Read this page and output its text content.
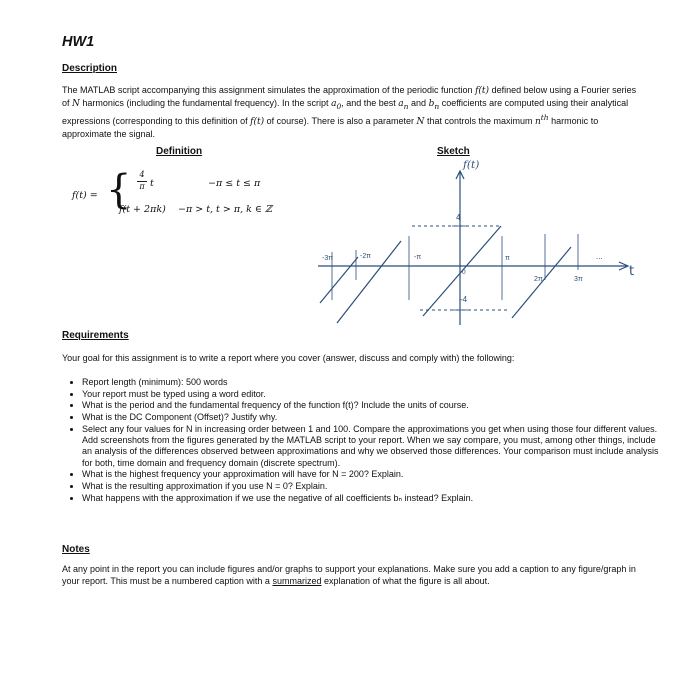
HW1
Description
The MATLAB script accompanying this assignment simulates the approximation of the periodic function f(t) defined below using a Fourier series of N harmonics (including the fundamental frequency). In the script $a_0$, and the best $a_n$ and $b_n$ coefficients are computed using their analytical expressions (corresponding to this definition of f(t) of course). There is also a parameter N that controls the maximum $n^{th}$ harmonic to approximate the signal.
Definition
f(t) = {	4
π t	−π ≤ t ≤ π
f(t + 2πk) −π > t, t > π, k ∈ ℤ
Sketch
f(t)
t
4
-4
0
-3π	-2π	-π	π
2π	3π
...
Requirements
Your goal for this assignment is to write a report where you cover (answer, discuss and comply with) the following:
• Report length (minimum): 500 words
• Your report must be typed using a word editor.
• What is the period and the fundamental frequency of the function f(t)? Include the units of course.
• What is the DC Component (Offset)? Justify why.
• Select any four values for N in increasing order between 1 and 100. Compare the approximations you get when using those four different values. Add screenshots from the figures generated by the MATLAB script to your report. When we say compare, you must, among other things, include an analysis of the differences observed between approximations and why we observed those differences. Your comparison must include analysis for both, time domain and frequency domain (discrete spectrum).
• What is the highest frequency your approximation will have for N = 200? Explain.
• What is the resulting approximation if you use N = 0? Explain.
• What happens with the approximation if we use the negative of all coefficients bₙ instead? Explain.
Notes
At any point in the report you can include figures and/or graphs to support your explanations. Make sure you add a caption to any figure/graph in your report. This must be a numbered caption with a summarized explanation of what the figure is all about.
